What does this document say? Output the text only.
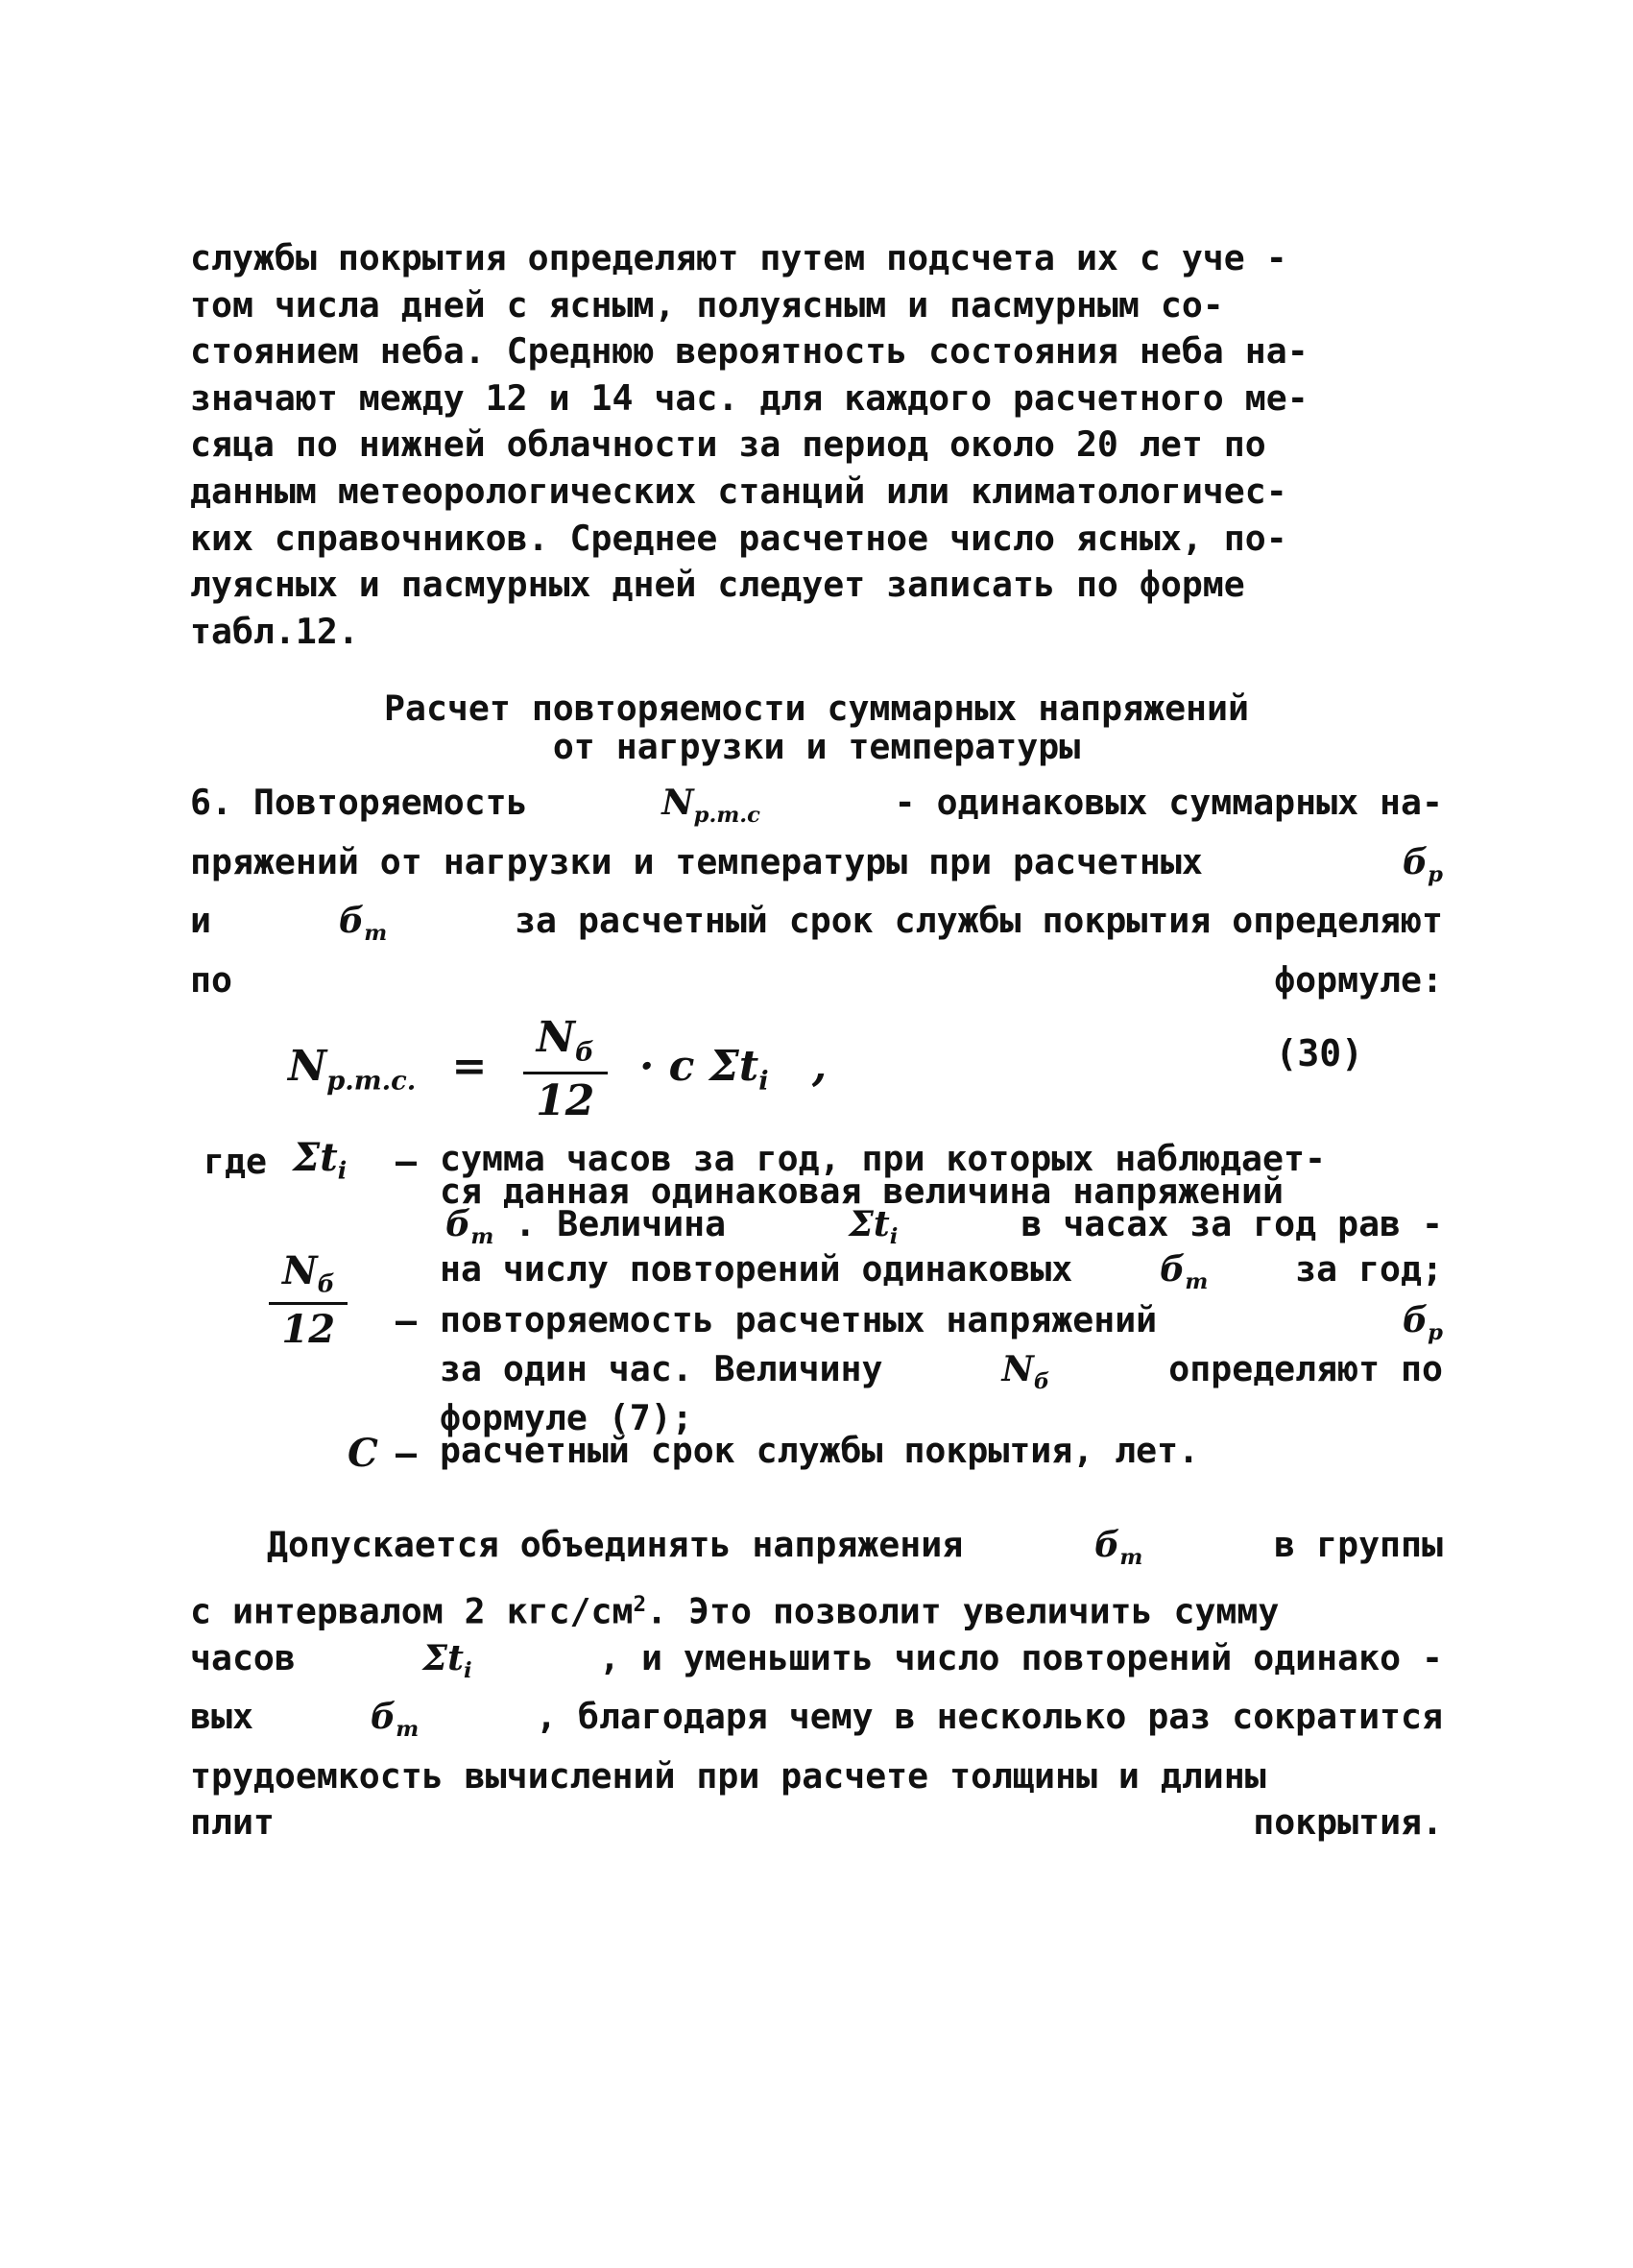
службы покрытия определяют путем подсчета их с уче -
том числа дней с ясным, полуясным и пасмурным со-
стоянием неба. Среднюю вероятность состояния неба на-
значают между 12 и 14 час. для каждого расчетного ме-
сяца по нижней облачности за период около 20 лет по
данным метеорологических станций или климатологичес-
ких справочников. Среднее расчетное число ясных, по-
луясных и пасмурных дней следует записать по форме
табл.12.
Расчет повторяемости суммарных напряжений
от нагрузки и температуры
6. Повторяемость	$N_{р.т.с}$	- одинаковых суммарных на-
пряжений от нагрузки и температуры при расчетных	$б_р$
и	$б_т$	за расчетный срок службы покрытия определяют
по формуле:
$N_{р.т.с.} = \frac{N_б}{12} \cdot c$ $\Sigma t_i$ ,	(30)
где $\Sigma t_i$ – сумма часов за год, при которых наблюдает-
ся данная одинаковая величина напряжений
$б_т$ . Величина	$\Sigma t_i$	в часах за год рав -
на числу повторений одинаковых $б_т$ за год;
$\frac{N_б}{12}$ – повторяемость расчетных напряжений	$б_р$
за один час. Величину	$N_б$	определяют по
формуле (7);
C – расчетный срок службы покрытия, лет.
Допускается объединять напряжения	$б_т$	в группы
с интервалом 2 кгс/$см^2$. Это позволит увеличить сумму
часов	$\Sigma t_i$	, и уменьшить число повторений одинако -
вых	$б_т$	, благодаря чему в несколько раз сократится
трудоемкость вычислений при расчете толщины и длины
плит покрытия.
